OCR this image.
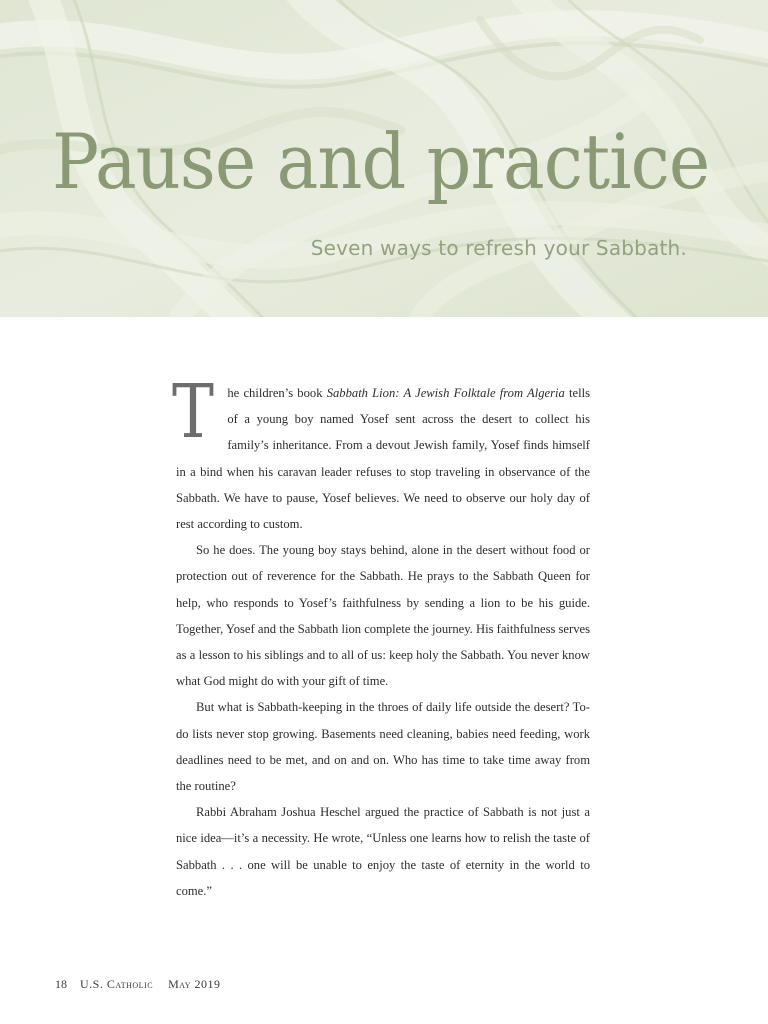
Pause and practice

Seven ways to refresh your Sabbath.

T he children’s book Sabbath Lion: A Jewish Folktale from Algeria tells of a young boy named Yosef sent across the desert to collect his family’s inheritance. From a devout Jewish family, Yosef finds himself in a bind when his caravan leader refuses to stop traveling in observance of the Sabbath. We have to pause, Yosef believes. We need to observe our holy day of rest according to custom.

So he does. The young boy stays behind, alone in the desert without food or protection out of reverence for the Sabbath. He prays to the Sabbath Queen for help, who responds to Yosef’s faithfulness by sending a lion to be his guide. Together, Yosef and the Sabbath lion complete the journey. His faithfulness serves as a lesson to his siblings and to all of us: keep holy the Sabbath. You never know what God might do with your gift of time.

But what is Sabbath-keeping in the throes of daily life outside the desert? To-do lists never stop growing. Basements need cleaning, babies need feeding, work deadlines need to be met, and on and on. Who has time to take time away from the routine?

Rabbi Abraham Joshua Heschel argued the practice of Sabbath is not just a nice idea—it’s a necessity. He wrote, “Unless one learns how to relish the taste of Sabbath . . . one will be unable to enjoy the taste of eternity in the world to come.”

18 U.S. Catholic May 2019
